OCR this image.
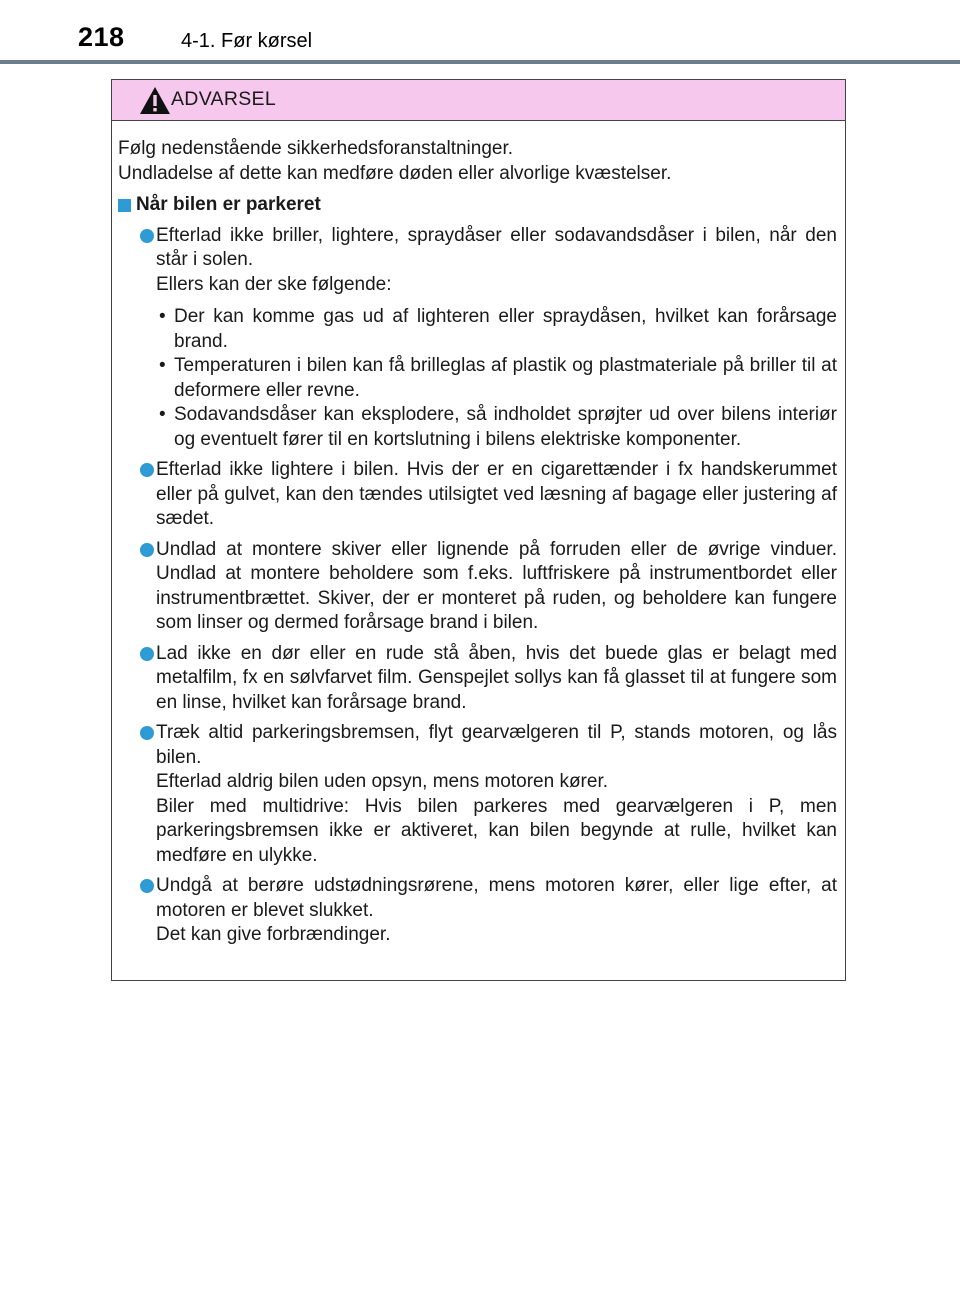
218	4-1. Før kørsel
ADVARSEL

Følg nedenstående sikkerhedsforanstaltninger.

Undladelse af dette kan medføre døden eller alvorlige kvæstelser.

Når bilen er parkeret

Efterlad ikke briller, lightere, spraydåser eller sodavandsdåser i bilen, når den står i solen.

Ellers kan der ske følgende:

• Der kan komme gas ud af lighteren eller spraydåsen, hvilket kan forårsage brand.
• Temperaturen i bilen kan få brilleglas af plastik og plastmateriale på briller til at deformere eller revne.
• Sodavandsdåser kan eksplodere, så indholdet sprøjter ud over bilens interiør og eventuelt fører til en kortslutning i bilens elektriske komponenter.

Efterlad ikke lightere i bilen. Hvis der er en cigarettænder i fx handskerummet eller på gulvet, kan den tændes utilsigtet ved læsning af bagage eller justering af sædet.

Undlad at montere skiver eller lignende på forruden eller de øvrige vinduer. Undlad at montere beholdere som f.eks. luftfriskere på instrumentbordet eller instrumentbrættet. Skiver, der er monteret på ruden, og beholdere kan fungere som linser og dermed forårsage brand i bilen.

Lad ikke en dør eller en rude stå åben, hvis det buede glas er belagt med metalfilm, fx en sølvfarvet film. Genspejlet sollys kan få glasset til at fungere som en linse, hvilket kan forårsage brand.

Træk altid parkeringsbremsen, flyt gearvælgeren til P, stands motoren, og lås bilen.

Efterlad aldrig bilen uden opsyn, mens motoren kører.

Biler med multidrive: Hvis bilen parkeres med gearvælgeren i P, men parkeringsbremsen ikke er aktiveret, kan bilen begynde at rulle, hvilket kan medføre en ulykke.

Undgå at berøre udstødningsrørene, mens motoren kører, eller lige efter, at motoren er blevet slukket.

Det kan give forbrændinger.
